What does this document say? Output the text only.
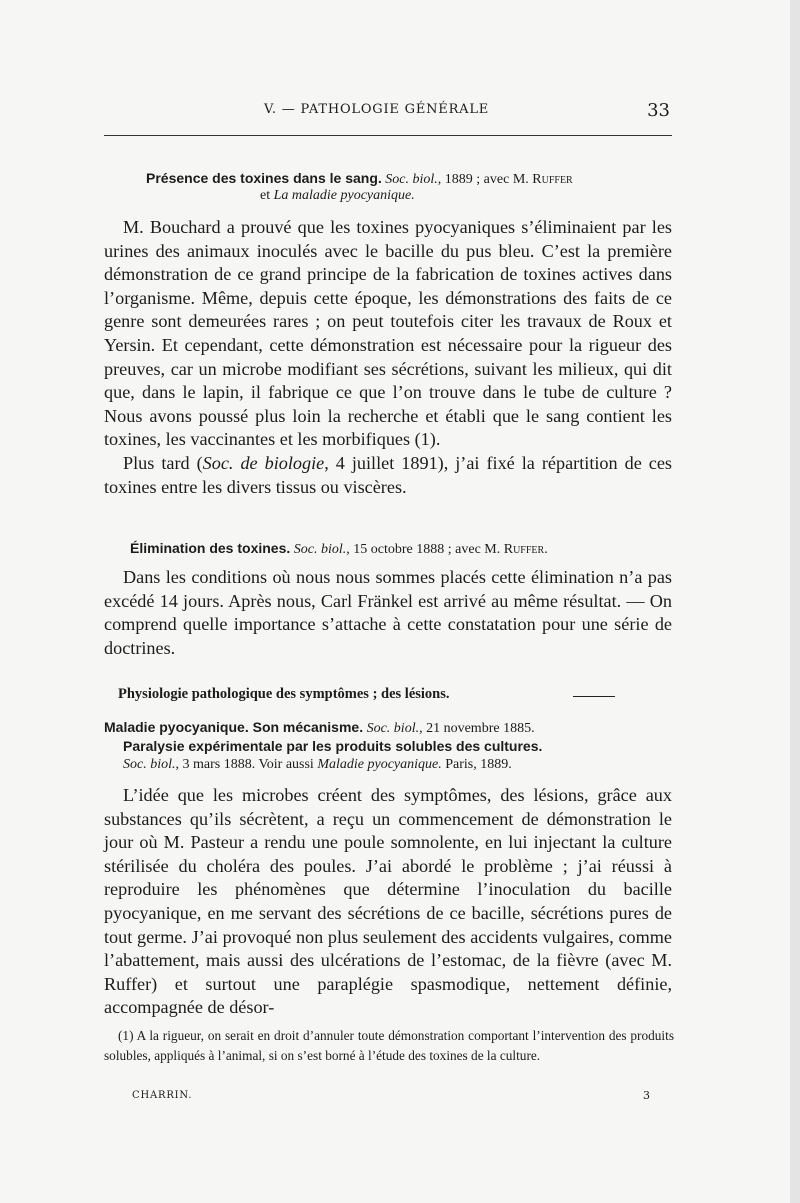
V. — PATHOLOGIE GÉNÉRALE	33
Présence des toxines dans le sang. Soc. biol., 1889 ; avec M. Ruffer
et La maladie pyocyanique.

M. Bouchard a prouvé que les toxines pyocyaniques s’éliminaient par les urines des animaux inoculés avec le bacille du pus bleu. C’est la première démonstration de ce grand principe de la fabrication de toxines actives dans l’organisme. Même, depuis cette époque, les démonstrations des faits de ce genre sont demeurées rares ; on peut toutefois citer les travaux de Roux et Yersin. Et cependant, cette démonstration est nécessaire pour la rigueur des preuves, car un microbe modifiant ses sécrétions, suivant les milieux, qui dit que, dans le lapin, il fabrique ce que l’on trouve dans le tube de culture ? Nous avons poussé plus loin la recherche et établi que le sang contient les toxines, les vaccinantes et les morbifiques (1).

Plus tard (Soc. de biologie, 4 juillet 1891), j’ai fixé la répartition de ces toxines entre les divers tissus ou viscères.

Élimination des toxines. Soc. biol., 15 octobre 1888 ; avec M. Ruffer.

Dans les conditions où nous nous sommes placés cette élimination n’a pas excédé 14 jours. Après nous, Carl Fränkel est arrivé au même résultat. — On comprend quelle importance s’attache à cette constatation pour une série de doctrines.

Physiologie pathologique des symptômes ; des lésions.
Maladie pyocyanique. Son mécanisme. Soc. biol., 21 novembre 1885.
Paralysie expérimentale par les produits solubles des cultures.
Soc. biol., 3 mars 1888. Voir aussi Maladie pyocyanique. Paris, 1889.

L’idée que les microbes créent des symptômes, des lésions, grâce aux substances qu’ils sécrètent, a reçu un commencement de démonstration le jour où M. Pasteur a rendu une poule somnolente, en lui injectant la culture stérilisée du choléra des poules. J’ai abordé le problème ; j’ai réussi à reproduire les phénomènes que détermine l’inoculation du bacille pyocyanique, en me servant des sécrétions de ce bacille, sécrétions pures de tout germe. J’ai provoqué non plus seulement des accidents vulgaires, comme l’abattement, mais aussi des ulcérations de l’estomac, de la fièvre (avec M. Ruffer) et surtout une paraplégie spasmodique, nettement définie, accompagnée de désor-

(1) A la rigueur, on serait en droit d’annuler toute démonstration comportant l’intervention des produits solubles, appliqués à l’animal, si on s’est borné à l’étude des toxines de la culture.

CHARRIN.	3
